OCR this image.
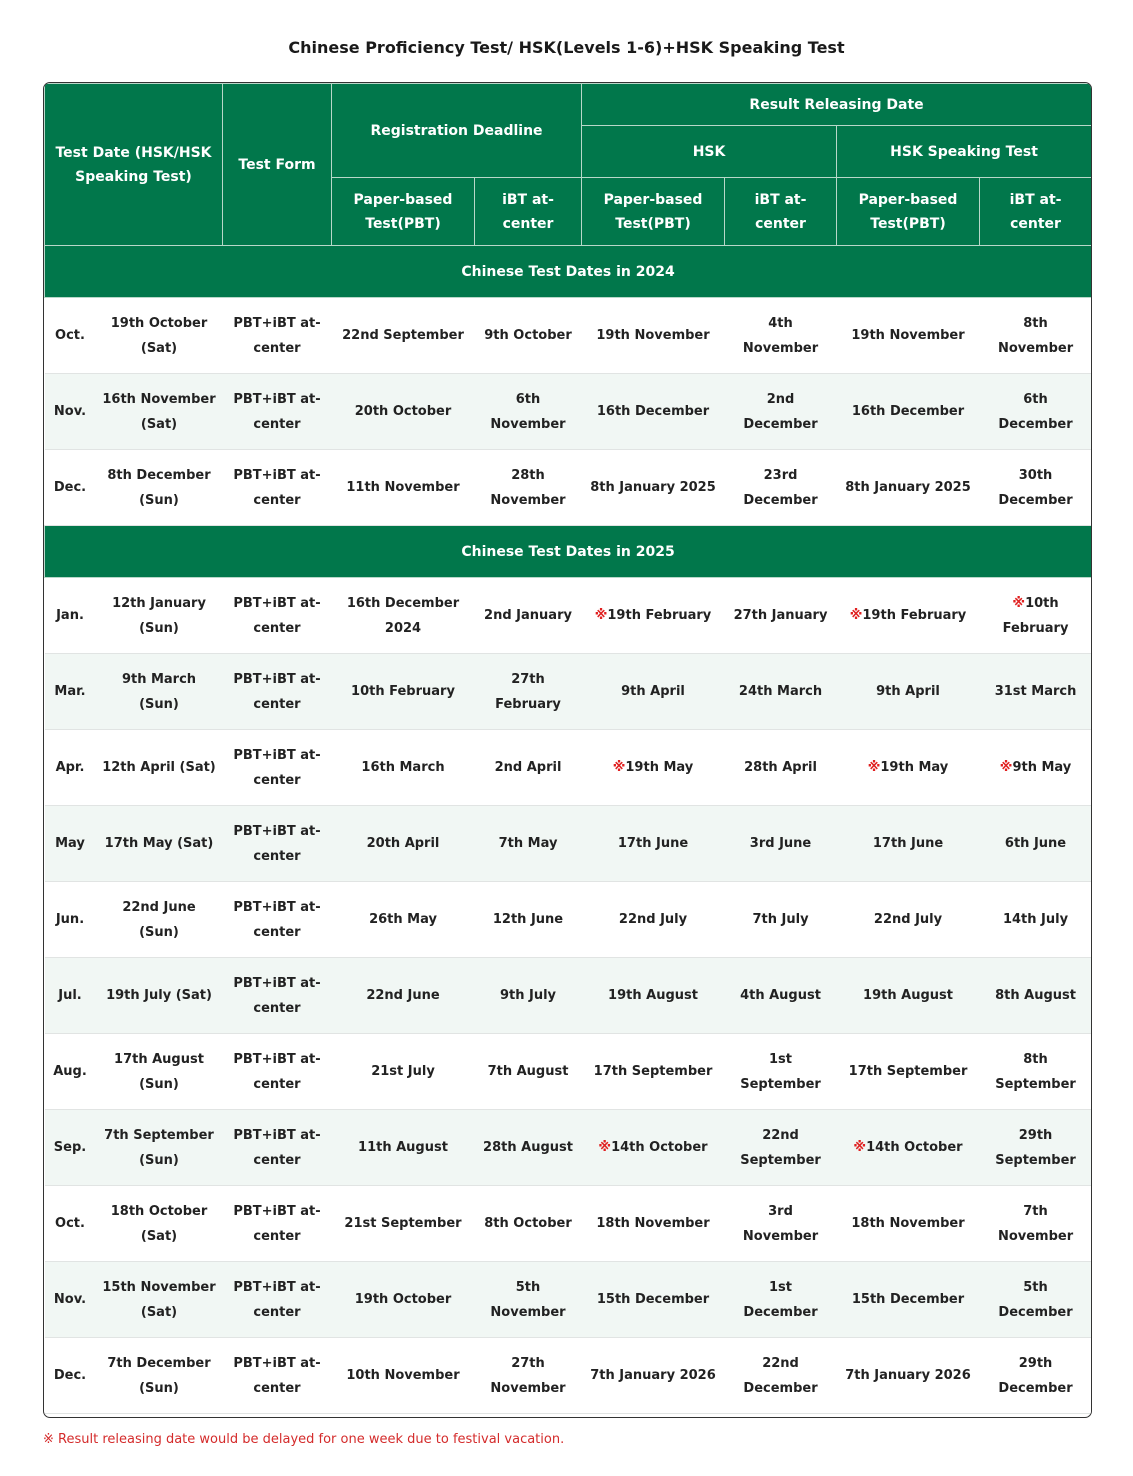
Chinese Proficiency Test/ HSK(Levels 1-6)+HSK Speaking Test
Test Date (HSK/HSK Speaking Test)		Test Form	Registration Deadline		Result Releasing Date			
					HSK		HSK Speaking Test	
			Paper-based Test(PBT)	iBT at-center	Paper-based Test(PBT)	iBT at-center	Paper-based Test(PBT)	iBT at-center
Chinese Test Dates in 2024								
Oct.	19th October (Sat)	PBT+iBT at-center	22nd September	9th October	19th November	4th November	19th November	8th November
Nov.	16th November (Sat)	PBT+iBT at-center	20th October	6th November	16th December	2nd December	16th December	6th December
Dec.	8th December (Sun)	PBT+iBT at-center	11th November	28th November	8th January 2025	23rd December	8th January 2025	30th December
Chinese Test Dates in 2025								
Jan.	12th January (Sun)	PBT+iBT at-center	16th December 2024	2nd January	※19th February	27th January	※19th February	※10th February
Mar.	9th March (Sun)	PBT+iBT at-center	10th February	27th February	9th April	24th March	9th April	31st March
Apr.	12th April (Sat)	PBT+iBT at-center	16th March	2nd April	※19th May	28th April	※19th May	※9th May
May	17th May (Sat)	PBT+iBT at-center	20th April	7th May	17th June	3rd June	17th June	6th June
Jun.	22nd June (Sun)	PBT+iBT at-center	26th May	12th June	22nd July	7th July	22nd July	14th July
Jul.	19th July (Sat)	PBT+iBT at-center	22nd June	9th July	19th August	4th August	19th August	8th August
Aug.	17th August (Sun)	PBT+iBT at-center	21st July	7th August	17th September	1st September	17th September	8th September
Sep.	7th September (Sun)	PBT+iBT at-center	11th August	28th August	※14th October	22nd September	※14th October	29th September
Oct.	18th October (Sat)	PBT+iBT at-center	21st September	8th October	18th November	3rd November	18th November	7th November
Nov.	15th November (Sat)	PBT+iBT at-center	19th October	5th November	15th December	1st December	15th December	5th December
Dec.	7th December (Sun)	PBT+iBT at-center	10th November	27th November	7th January 2026	22nd December	7th January 2026	29th December

※ Result releasing date would be delayed for one week due to festival vacation.
